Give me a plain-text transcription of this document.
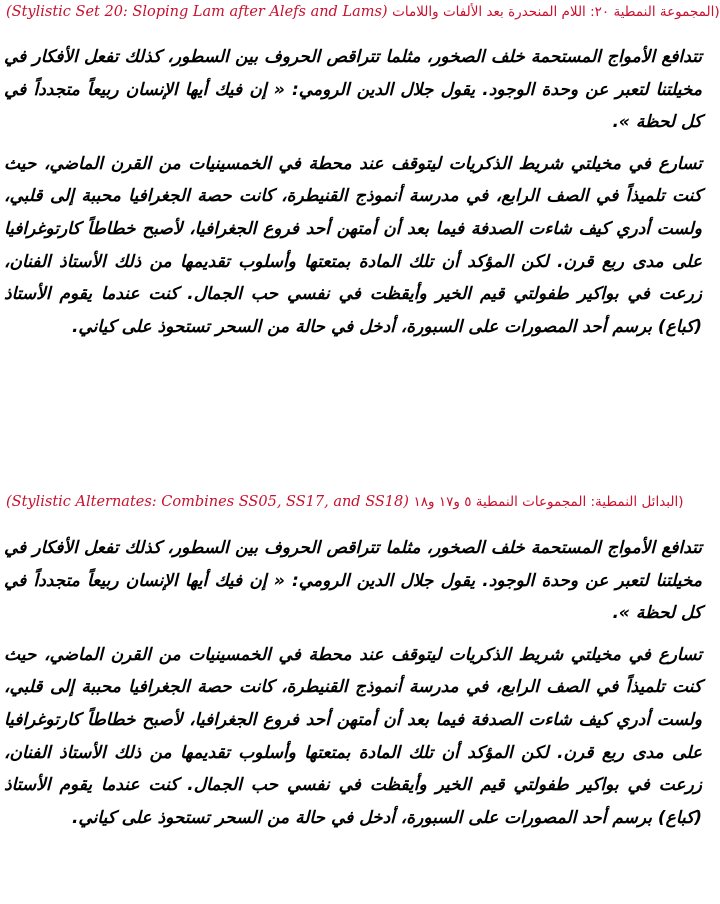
(Stylistic Set 20: Sloping Lam after Alefs and Lams) (المجموعة النمطية ٢٠: اللام المنحدرة بعد الألفات واللامات

تتدافع الأمواج المستحمة خلف الصخور، مثلما تتراقص الحروف بين السطور، كذلك تفعل الأفكار في مخيلتنا لتعبر عن وحدة الوجود. يقول جلال الدين الرومي: « إن فيك أيها الإنسان ربيعاً متجدداً في كل لحظة ».

تسارع في مخيلتي شريط الذكريات ليتوقف عند محطة في الخمسينيات من القرن الماضي، حيث كنت تلميذاً في الصف الرابع، في مدرسة أنموذج القنيطرة، كانت حصة الجغرافيا محببة إلى قلبي، ولست أدري كيف شاءت الصدفة فيما بعد أن أمتهن أحد فروع الجغرافيا، لأصبح خطاطاً كارتوغرافيا على مدى ربع قرن. لكن المؤكد أن تلك المادة بمتعتها وأسلوب تقديمها من ذلك الأستاذ الفنان، زرعت في بواكير طفولتي قيم الخير وأيقظت في نفسي حب الجمال. كنت عندما يقوم الأستاذ (كباع) برسم أحد المصورات على السبورة، أدخل في حالة من السحر تستحوذ على كياني.

(Stylistic Alternates: Combines SS05, SS17, and SS18) (البدائل النمطية: المجموعات النمطية ٥ و١٧ و١٨

تتدافع الأمواج المستحمة خلف الصخور، مثلما تتراقص الحروف بين السطور، كذلك تفعل الأفكار في مخيلتنا لتعبر عن وحدة الوجود. يقول جلال الدين الرومي: « إن فيك أيها الإنسان ربيعاً متجدداً في كل لحظة ».

تسارع في مخيلتي شريط الذكريات ليتوقف عند محطة في الخمسينيات من القرن الماضي، حيث كنت تلميذاً في الصف الرابع، في مدرسة أنموذج القنيطرة، كانت حصة الجغرافيا محببة إلى قلبي، ولست أدري كيف شاءت الصدفة فيما بعد أن أمتهن أحد فروع الجغرافيا، لأصبح خطاطاً كارتوغرافيا على مدى ربع قرن. لكن المؤكد أن تلك المادة بمتعتها وأسلوب تقديمها من ذلك الأستاذ الفنان، زرعت في بواكير طفولتي قيم الخير وأيقظت في نفسي حب الجمال. كنت عندما يقوم الأستاذ (كباع) برسم أحد المصورات على السبورة، أدخل في حالة من السحر تستحوذ على كياني.
